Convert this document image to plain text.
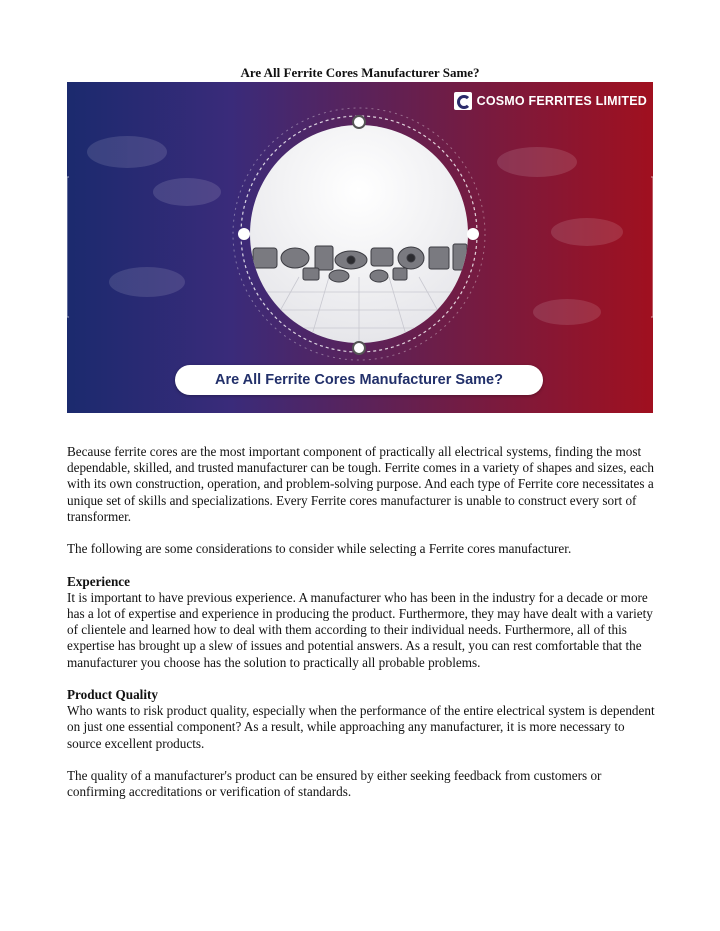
Are All Ferrite Cores Manufacturer Same?
COSMO FERRITES LIMITED
Are All Ferrite Cores Manufacturer Same?

Because ferrite cores are the most important component of practically all electrical systems, finding the most dependable, skilled, and trusted manufacturer can be tough. Ferrite comes in a variety of shapes and sizes, each with its own construction, operation, and problem-solving purpose. And each type of Ferrite core necessitates a unique set of skills and specializations. Every Ferrite cores manufacturer is unable to construct every sort of transformer.

The following are some considerations to consider while selecting a Ferrite cores manufacturer.

Experience

It is important to have previous experience. A manufacturer who has been in the industry for a decade or more has a lot of expertise and experience in producing the product. Furthermore, they may have dealt with a variety of clientele and learned how to deal with them according to their individual needs. Furthermore, all of this expertise has brought up a slew of issues and potential answers. As a result, you can rest comfortable that the manufacturer you choose has the solution to practically all probable problems.

Product Quality

Who wants to risk product quality, especially when the performance of the entire electrical system is dependent on just one essential component? As a result, while approaching any manufacturer, it is more necessary to source excellent products.

The quality of a manufacturer's product can be ensured by either seeking feedback from customers or confirming accreditations or verification of standards.
